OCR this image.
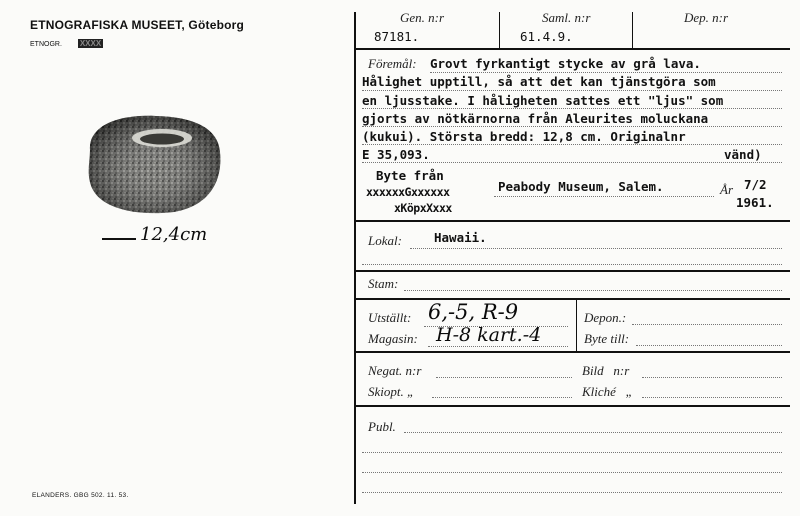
ETNOGRAFISKA MUSEET, Göteborg
ETNOGR. XXXX
12,4cm
ELANDERS. GBG 502. 11. 53.
Gen. n:r
87181.
Saml. n:r
61.4.9.
Dep. n:r
Föremål: Grovt fyrkantigt stycke av grå lava.
Hålighet upptill, så att det kan tjänstgöra som
en ljusstake. I håligheten sattes ett "ljus" som
gjorts av nötkärnorna från Aleurites moluckana
(kukui). Största bredd: 12,8 cm. Originalnr
E 35,093.	vänd)
Byte från
xxxxxxGxxxxxx
xKöpxXxxx
Peabody Museum, Salem.	År 7/2
1961.
Lokal:	Hawaii.
Stam:
Utställt: 6,-5, R-9
Magasin: H-8 kart.-4
Depon.:
Byte till:
Negat. n:r
Skiopt. „
Bild   n:r
Kliché   „
Publ.
